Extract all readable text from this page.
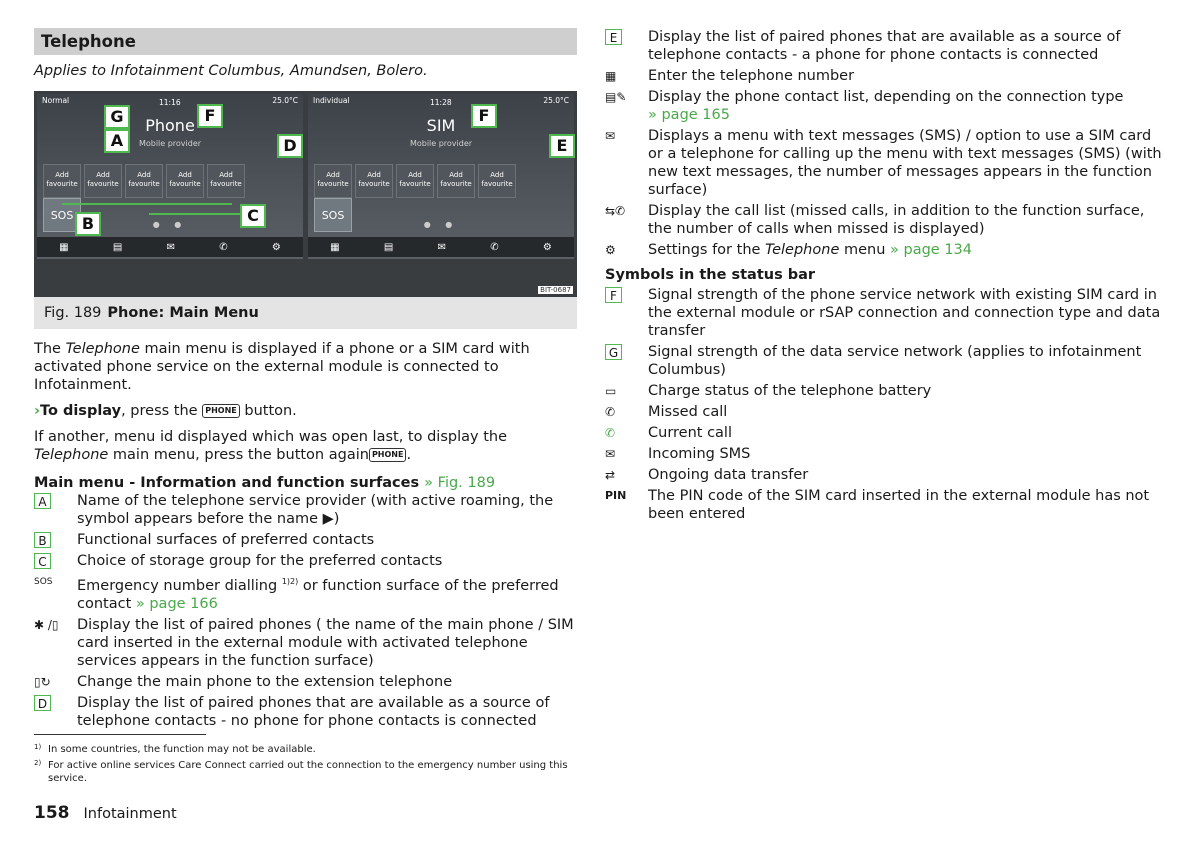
Telephone
Applies to Infotainment Columbus, Amundsen, Bolero.
Normal	11:16	25.0°C
Phone
Mobile provider
Add favouriteAdd favouriteAdd favouriteAdd favouriteAdd favouriteSOS
● ●
Individual	11:28	25.0°C
SIM
Mobile provider
Add favouriteAdd favouriteAdd favouriteAdd favouriteAdd favouriteSOS
● ●
▦	▤	✉	✆	⚙	▦	▤	✉	✆	⚙
G
A
F
D
B	C
F
E
BIT-0687
Fig. 189 Phone: Main Menu

The Telephone main menu is displayed if a phone or a SIM card with activated phone service on the external module is connected to Infotainment.

›To display, press the PHONE button.

If another, menu id displayed which was open last, to display the Telephone main menu, press the button again PHONE .

Main menu - Information and function surfaces » Fig. 189
A	Name of the telephone service provider (with active roaming, the symbol appears before the name ▶)
B	Functional surfaces of preferred contacts
C Choice of storage group for the preferred contacts
SOS	Emergency number dialling $^{1)2)}$ or function surface of the preferred contact » page 166
✱ /▯	Display the list of paired phones ( the name of the main phone / SIM card inserted in the external module with activated telephone services appears in the function surface)
▯↻	Change the main phone to the extension telephone
D Display the list of paired phones that are available as a source of telephone contacts - no phone for phone contacts is connected
E	Display the list of paired phones that are available as a source of telephone contacts - a phone for phone contacts is connected
▦	Enter the telephone number
▤✎	Display the phone contact list, depending on the connection type
» page 165
✉	Displays a menu with text messages (SMS) / option to use a SIM card or a telephone for calling up the menu with text messages (SMS) (with new text messages, the number of messages appears in the function surface)
⇆✆	Display the call list (missed calls, in addition to the function surface, the number of calls when missed is displayed)
⚙	Settings for the Telephone menu » page 134
Symbols in the status bar
F	Signal strength of the phone service network with existing SIM card in the external module or rSAP connection and connection type and data transfer
G Signal strength of the data service network (applies to infotainment Columbus)
▭	Charge status of the telephone battery
✆	Missed call
✆	Current call
✉	Incoming SMS
⇄	Ongoing data transfer
PIN	The PIN code of the SIM card inserted in the external module has not been entered
1) In some countries, the function may not be available.
2) For active online services Care Connect carried out the connection to the emergency number using this service.
158 Infotainment
